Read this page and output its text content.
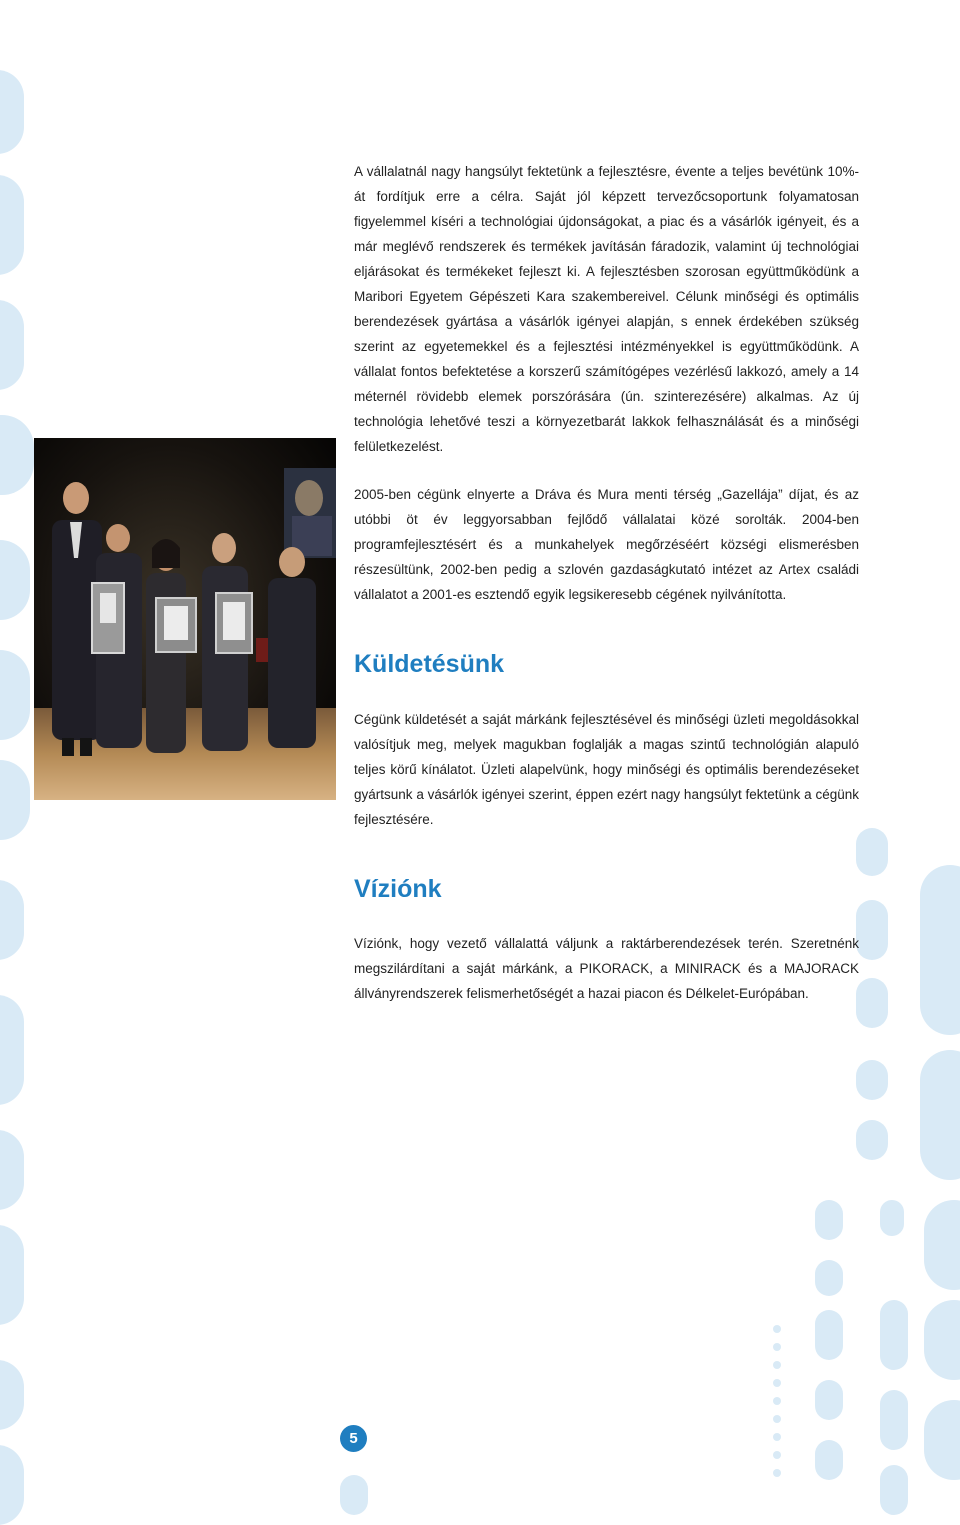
A vállalatnál nagy hangsúlyt fektetünk a fejlesztésre, évente a teljes bevétünk 10%-át fordítjuk erre a célra. Saját jól képzett tervezőcsoportunk folyamatosan figyelemmel kíséri a technológiai újdonságokat, a piac és a vásárlók igényeit, és a már meglévő rendszerek és termékek javításán fáradozik, valamint új technológiai eljárásokat és termékeket fejleszt ki. A fejlesztésben szorosan együttműködünk a Maribori Egyetem Gépészeti Kara szakembereivel. Célunk minőségi és optimális berendezések gyártása a vásárlók igényei alapján, s ennek érdekében szükség szerint az egyetemekkel és a fejlesztési intézményekkel is együttműködünk. A vállalat fontos befektetése a korszerű számítógépes vezérlésű lakkozó, amely a 14 méternél rövidebb elemek porszórására (ún. szinterezésére) alkalmas. Az új technológia lehetővé teszi a környezetbarát lakkok felhasználását és a minőségi felületkezelést.
2005-ben cégünk elnyerte a Dráva és Mura menti térség „Gazellája” díjat, és az utóbbi öt év leggyorsabban fejlődő vállalatai közé sorolták. 2004-ben programfejlesztésért és a munkahelyek megőrzéséért községi elismerésben részesültünk, 2002-ben pedig a szlovén gazdaságkutató intézet az Artex családi vállalatot a 2001-es esztendő egyik legsikeresebb cégének nyilvánította.
Küldetésünk
Cégünk küldetését a saját márkánk fejlesztésével és minőségi üzleti megoldásokkal valósítjuk meg, melyek magukban foglalják a magas szintű technológián alapuló teljes körű kínálatot. Üzleti alapelvünk, hogy minőségi és optimális berendezéseket gyártsunk a vásárlók igényei szerint, éppen ezért nagy hangsúlyt fektetünk a cégünk fejlesztésére.
Víziónk
Víziónk, hogy vezető vállalattá váljunk a raktárberendezések terén. Szeretnénk megszilárdítani a saját márkánk, a PIKORACK, a MINIRACK és a MAJORACK állványrendszerek felismerhetőségét a hazai piacon és Délkelet-Európában.
5
